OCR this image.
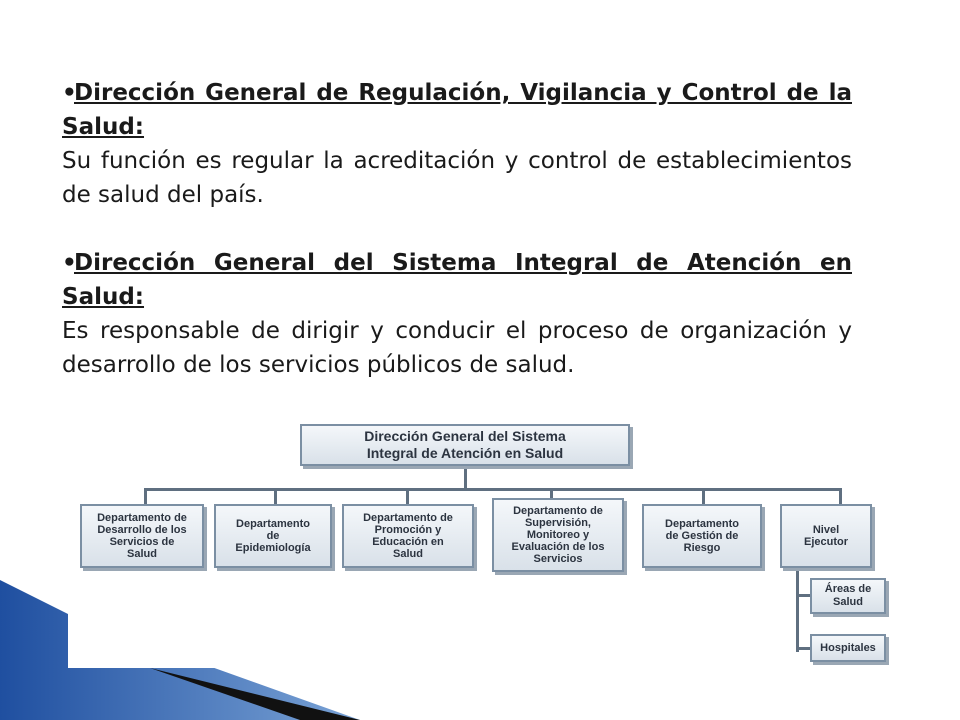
•Dirección General de Regulación, Vigilancia y Control de la Salud:
Su función es regular la acreditación y control de establecimientos de salud del país.
•Dirección General del Sistema Integral de Atención en Salud:
Es responsable de dirigir y conducir el proceso de organización y desarrollo de los servicios públicos de salud.
Dirección General del Sistema
Integral de Atención en Salud
Departamento de
Desarrollo de los
Servicios de
Salud
Departamento
de
Epidemiología
Departamento de
Promoción y
Educación en
Salud
Departamento de
Supervisión,
Monitoreo y
Evaluación de los
Servicios
Departamento
de Gestión de
Riesgo
Nivel
Ejecutor
Áreas de
Salud
Hospitales
